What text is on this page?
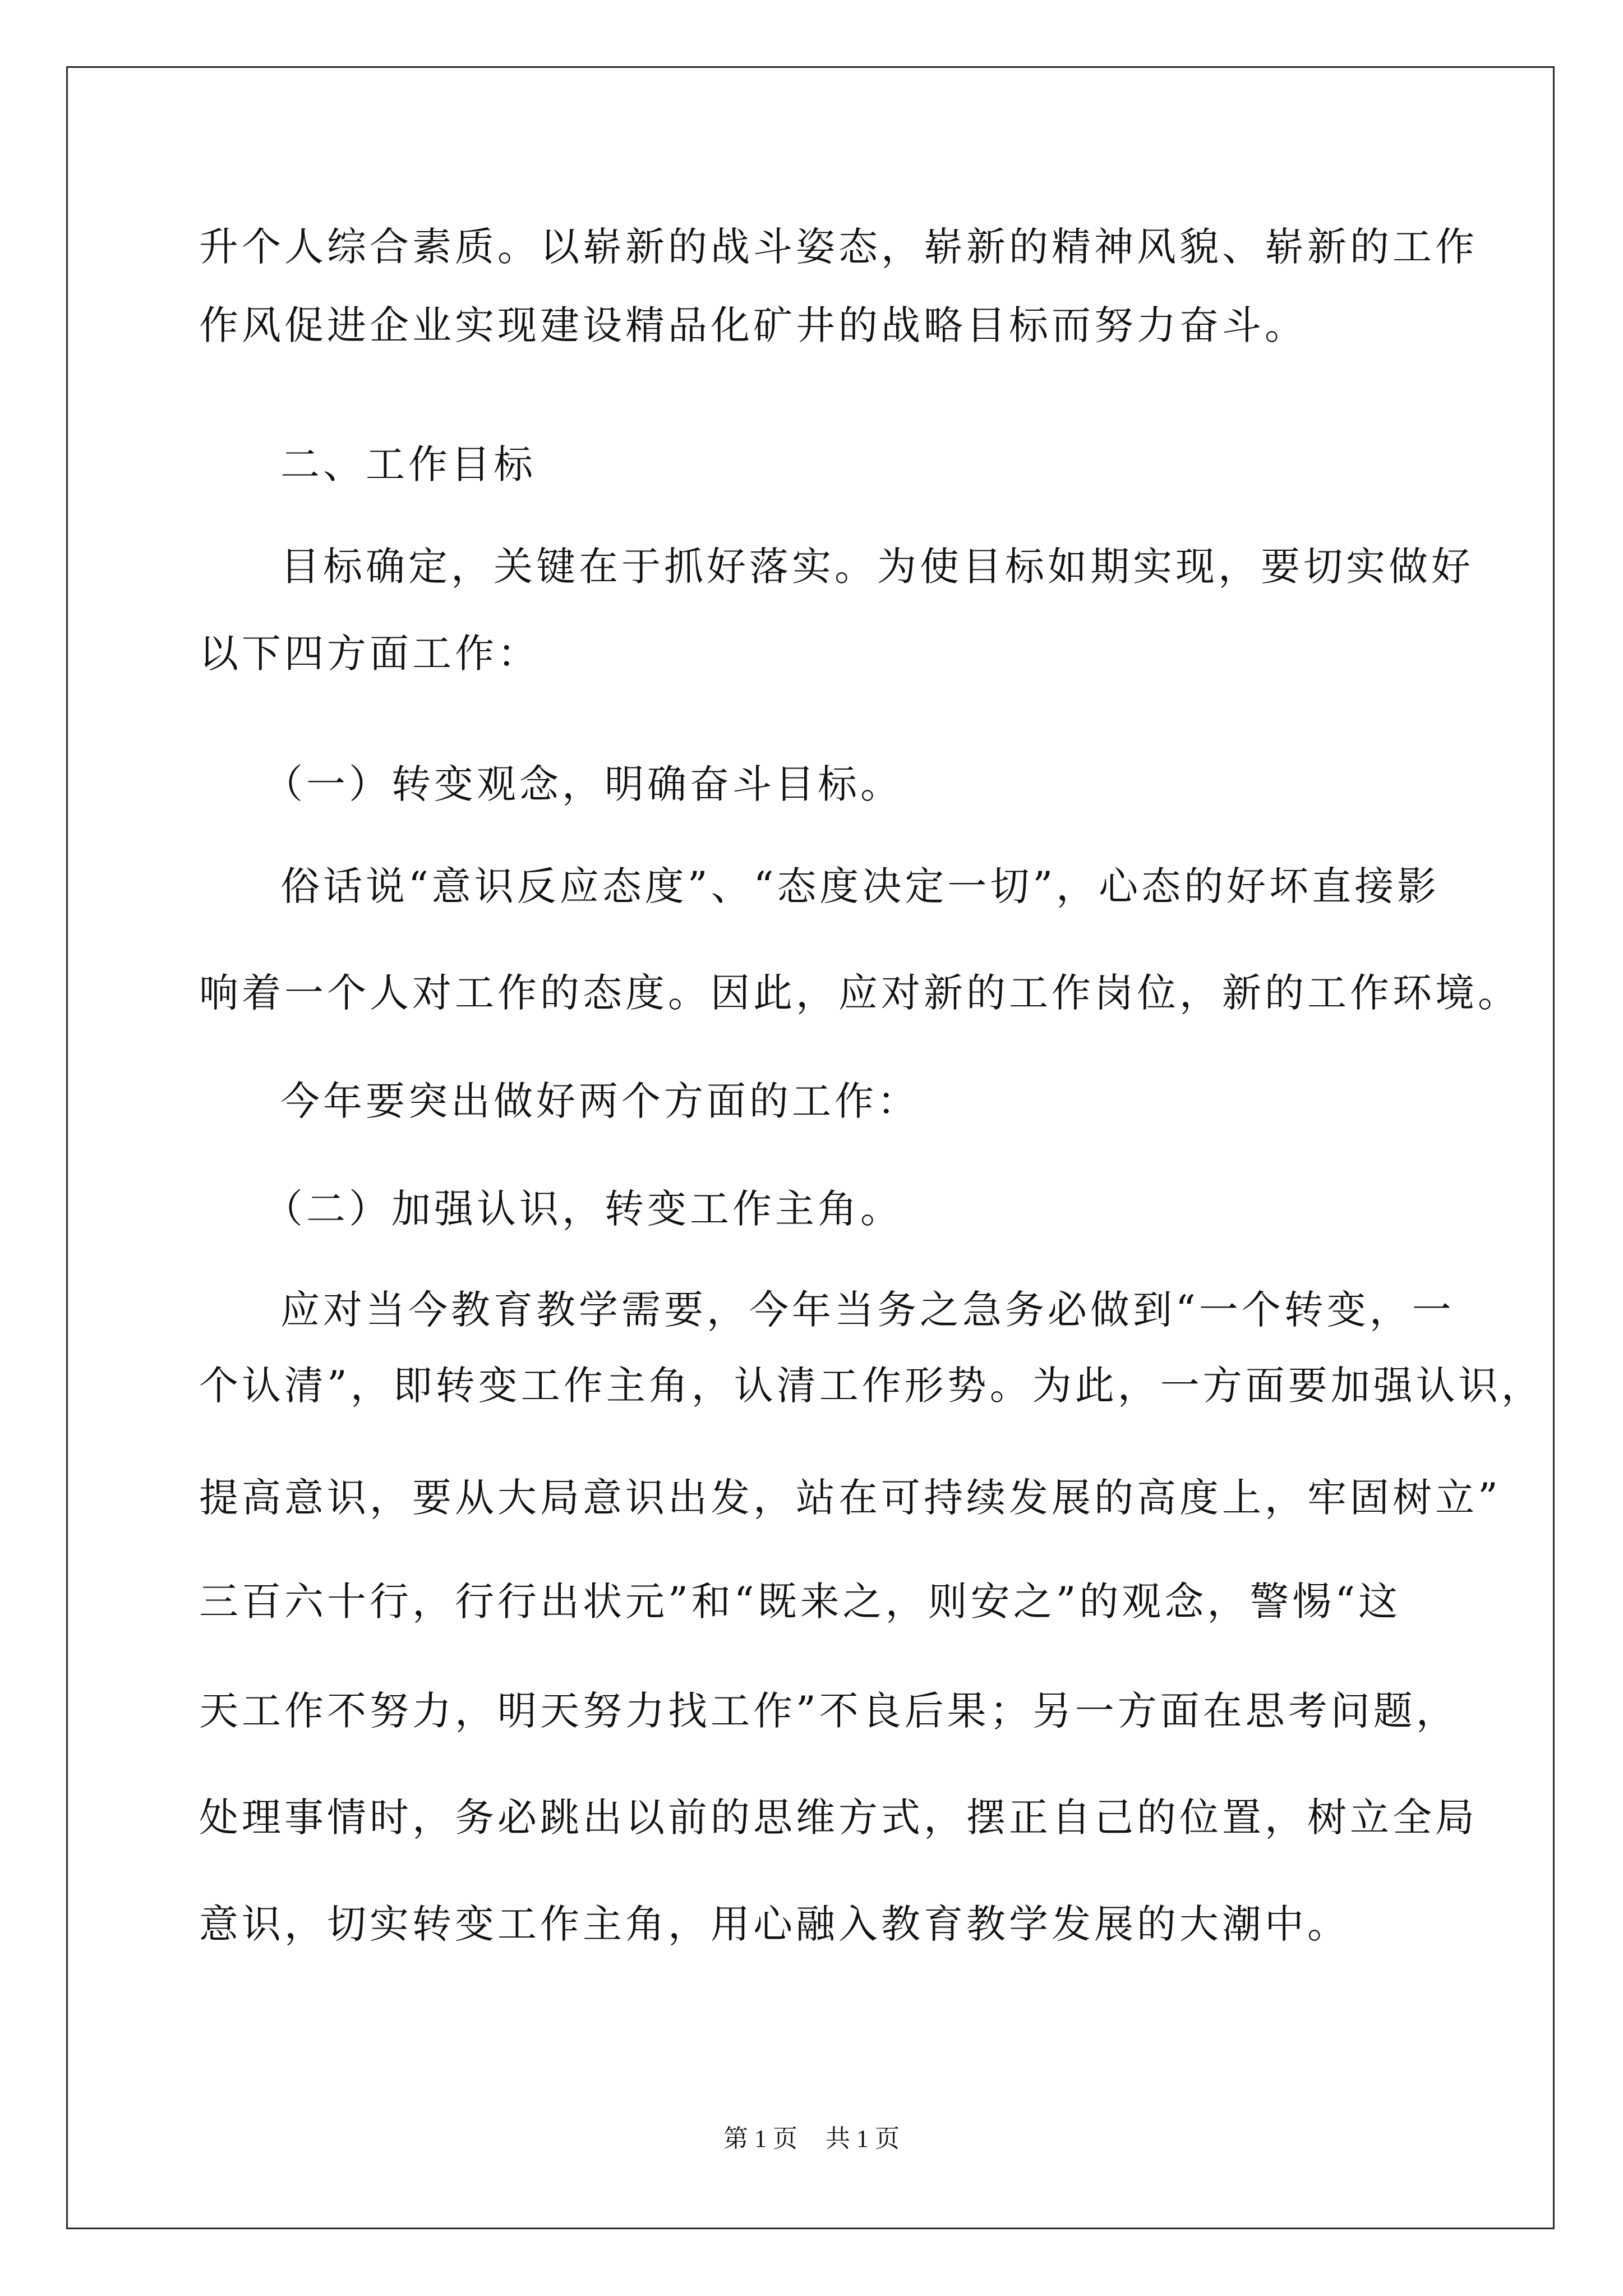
升个人综合素质。以崭新的战斗姿态，崭新的精神风貌、崭新的工作
作风促进企业实现建设精品化矿井的战略目标而努力奋斗。
二、工作目标
目标确定，关键在于抓好落实。为使目标如期实现，要切实做好
以下四方面工作：
（一）转变观念，明确奋斗目标。
俗话说“意识反应态度”、“态度决定一切”，心态的好坏直接影
响着一个人对工作的态度。因此，应对新的工作岗位，新的工作环境。
今年要突出做好两个方面的工作：
（二）加强认识，转变工作主角。
应对当今教育教学需要，今年当务之急务必做到“一个转变，一
个认清”，即转变工作主角，认清工作形势。为此，一方面要加强认识，
提高意识，要从大局意识出发，站在可持续发展的高度上，牢固树立”
三百六十行，行行出状元”和“既来之，则安之”的观念，警惕“这
天工作不努力，明天努力找工作”不良后果；另一方面在思考问题，
处理事情时，务必跳出以前的思维方式，摆正自己的位置，树立全局
意识，切实转变工作主角，用心融入教育教学发展的大潮中。
第 1 页 共 1 页
